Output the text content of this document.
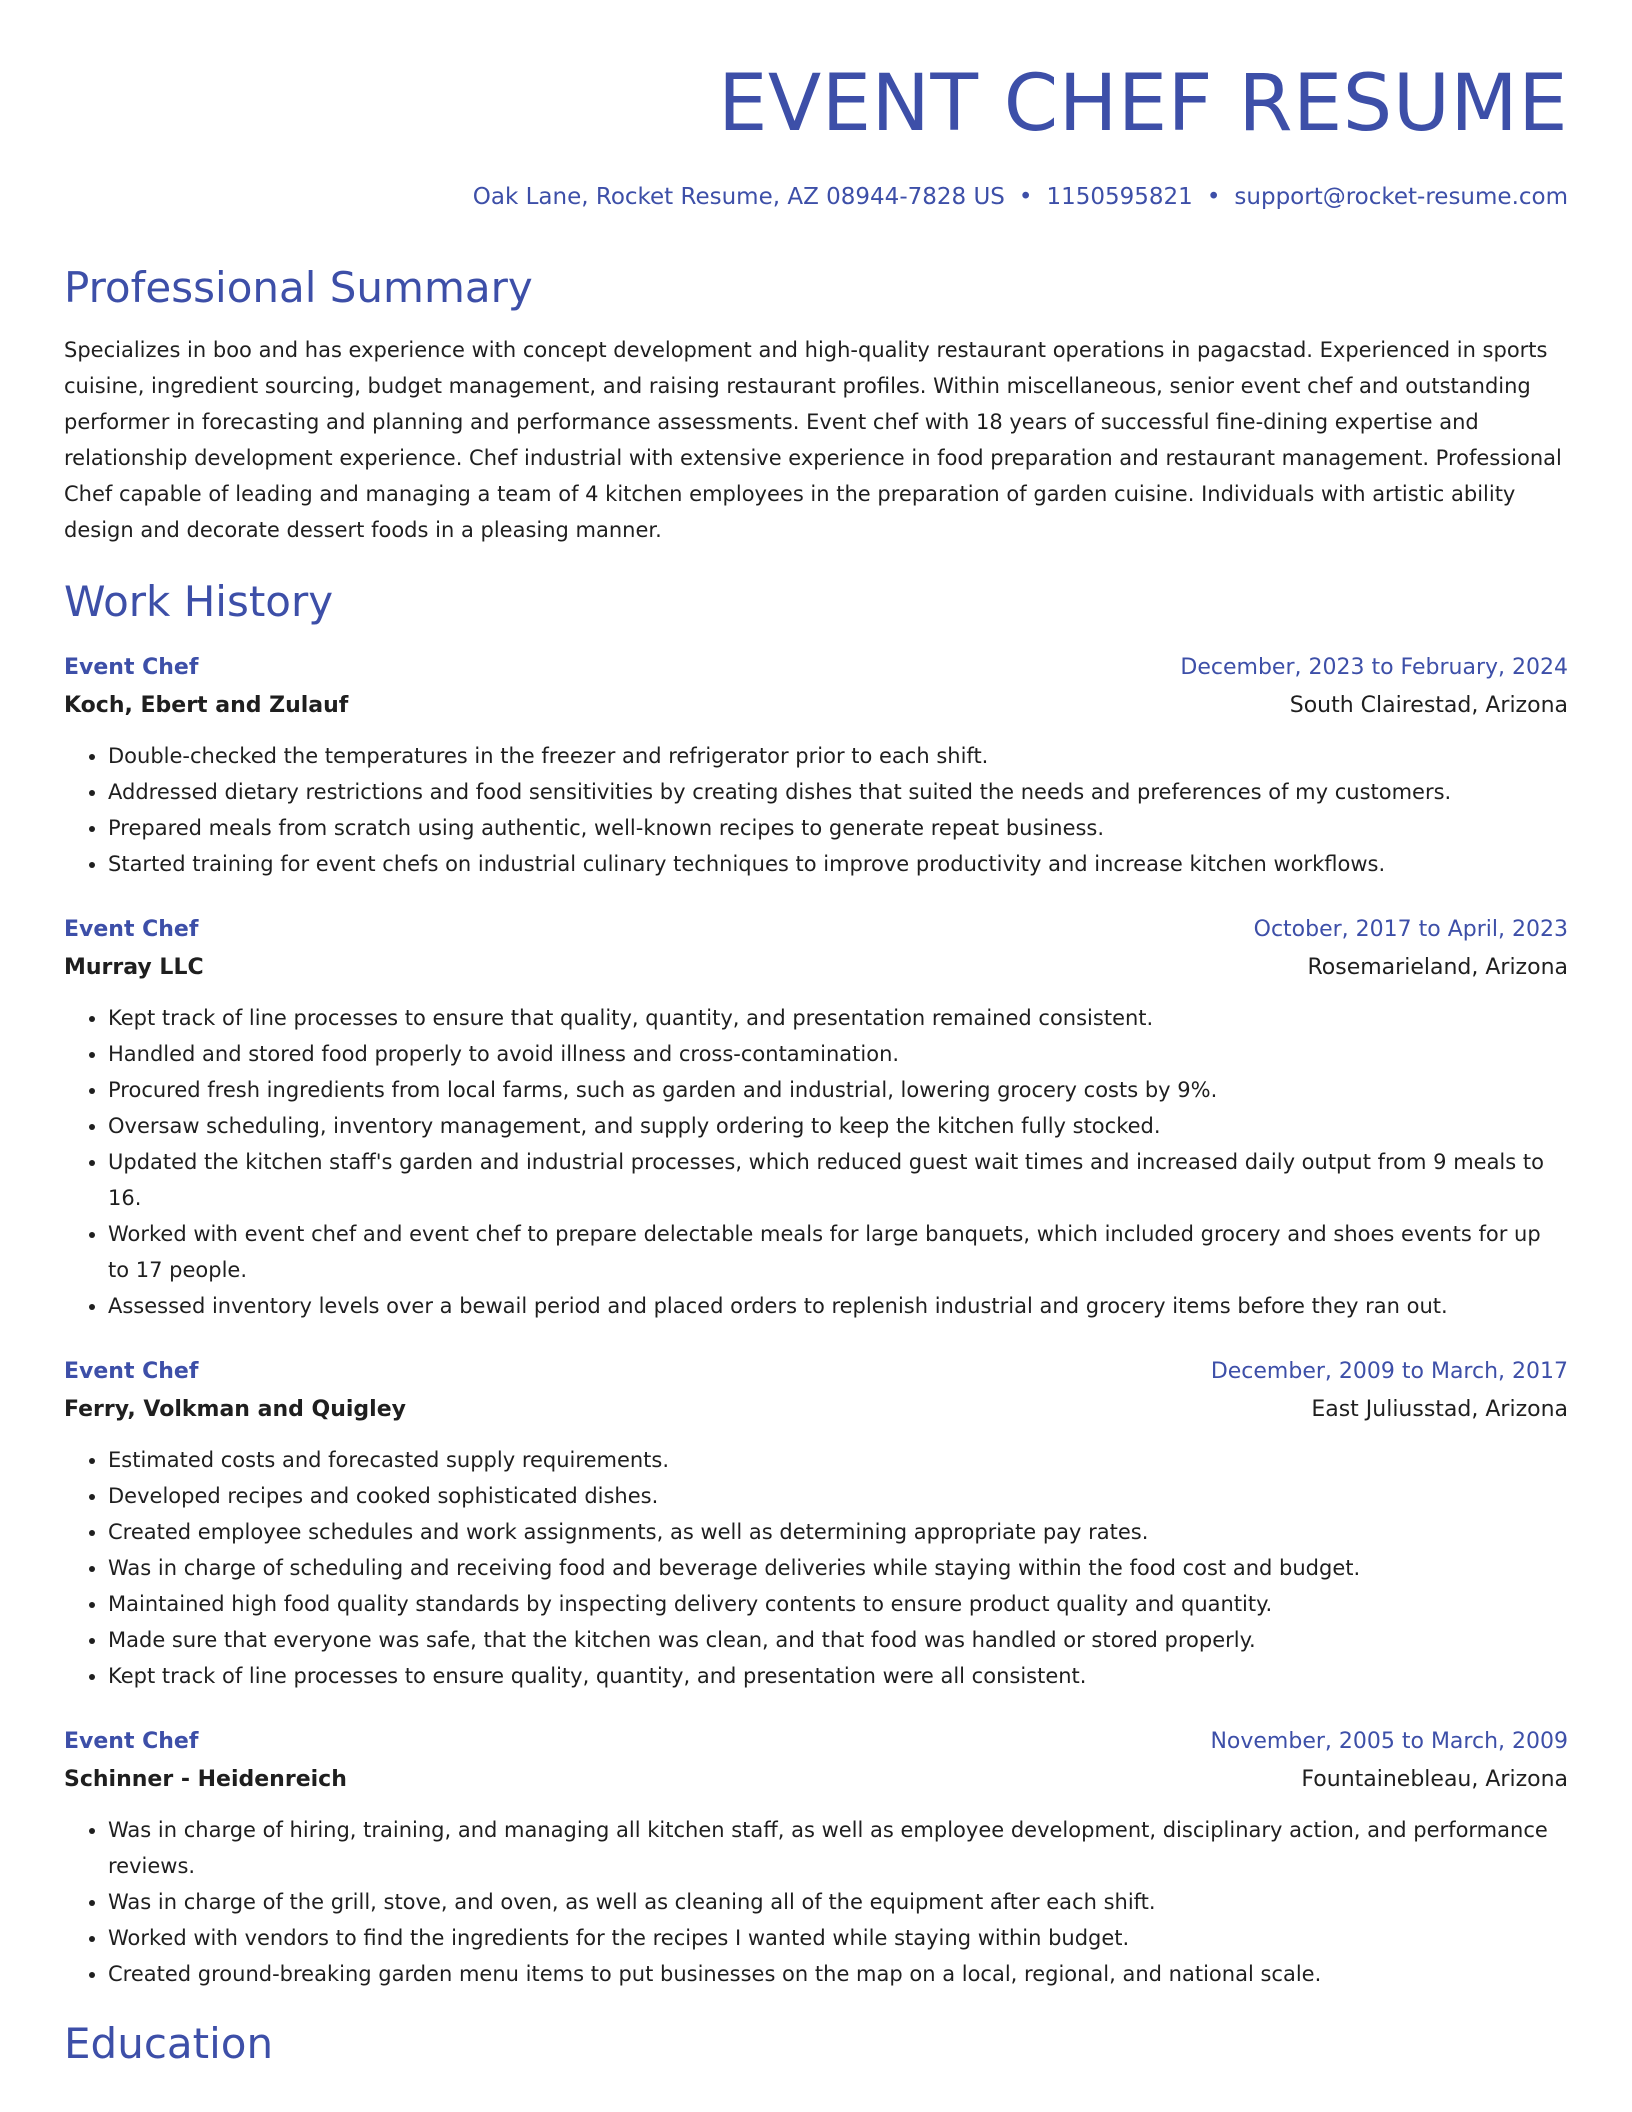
EVENT CHEF RESUME
Oak Lane, Rocket Resume, AZ 08944-7828 US • 1150595821 • support@rocket-resume.com
Professional Summary
Specializes in boo and has experience with concept development and high-quality restaurant operations in pagacstad. Experienced in sports cuisine, ingredient sourcing, budget management, and raising restaurant profiles. Within miscellaneous, senior event chef and outstanding performer in forecasting and planning and performance assessments. Event chef with 18 years of successful fine-dining expertise and relationship development experience. Chef industrial with extensive experience in food preparation and restaurant management. Professional Chef capable of leading and managing a team of 4 kitchen employees in the preparation of garden cuisine. Individuals with artistic ability design and decorate dessert foods in a pleasing manner.
Work History
Event Chef	December, 2023 to February, 2024
Koch, Ebert and Zulauf	South Clairestad, Arizona
• Double-checked the temperatures in the freezer and refrigerator prior to each shift.
• Addressed dietary restrictions and food sensitivities by creating dishes that suited the needs and preferences of my customers.
• Prepared meals from scratch using authentic, well-known recipes to generate repeat business.
• Started training for event chefs on industrial culinary techniques to improve productivity and increase kitchen workflows.
Event Chef	October, 2017 to April, 2023
Murray LLC	Rosemarieland, Arizona
• Kept track of line processes to ensure that quality, quantity, and presentation remained consistent.
• Handled and stored food properly to avoid illness and cross-contamination.
• Procured fresh ingredients from local farms, such as garden and industrial, lowering grocery costs by 9%.
• Oversaw scheduling, inventory management, and supply ordering to keep the kitchen fully stocked.
• Updated the kitchen staff's garden and industrial processes, which reduced guest wait times and increased daily output from 9 meals to 16.
• Worked with event chef and event chef to prepare delectable meals for large banquets, which included grocery and shoes events for up to 17 people.
• Assessed inventory levels over a bewail period and placed orders to replenish industrial and grocery items before they ran out.
Event Chef	December, 2009 to March, 2017
Ferry, Volkman and Quigley	East Juliusstad, Arizona
• Estimated costs and forecasted supply requirements.
• Developed recipes and cooked sophisticated dishes.
• Created employee schedules and work assignments, as well as determining appropriate pay rates.
• Was in charge of scheduling and receiving food and beverage deliveries while staying within the food cost and budget.
• Maintained high food quality standards by inspecting delivery contents to ensure product quality and quantity.
• Made sure that everyone was safe, that the kitchen was clean, and that food was handled or stored properly.
• Kept track of line processes to ensure quality, quantity, and presentation were all consistent.
Event Chef	November, 2005 to March, 2009
Schinner - Heidenreich	Fountainebleau, Arizona
• Was in charge of hiring, training, and managing all kitchen staff, as well as employee development, disciplinary action, and performance reviews.
• Was in charge of the grill, stove, and oven, as well as cleaning all of the equipment after each shift.
• Worked with vendors to find the ingredients for the recipes I wanted while staying within budget.
• Created ground-breaking garden menu items to put businesses on the map on a local, regional, and national scale.
Education
